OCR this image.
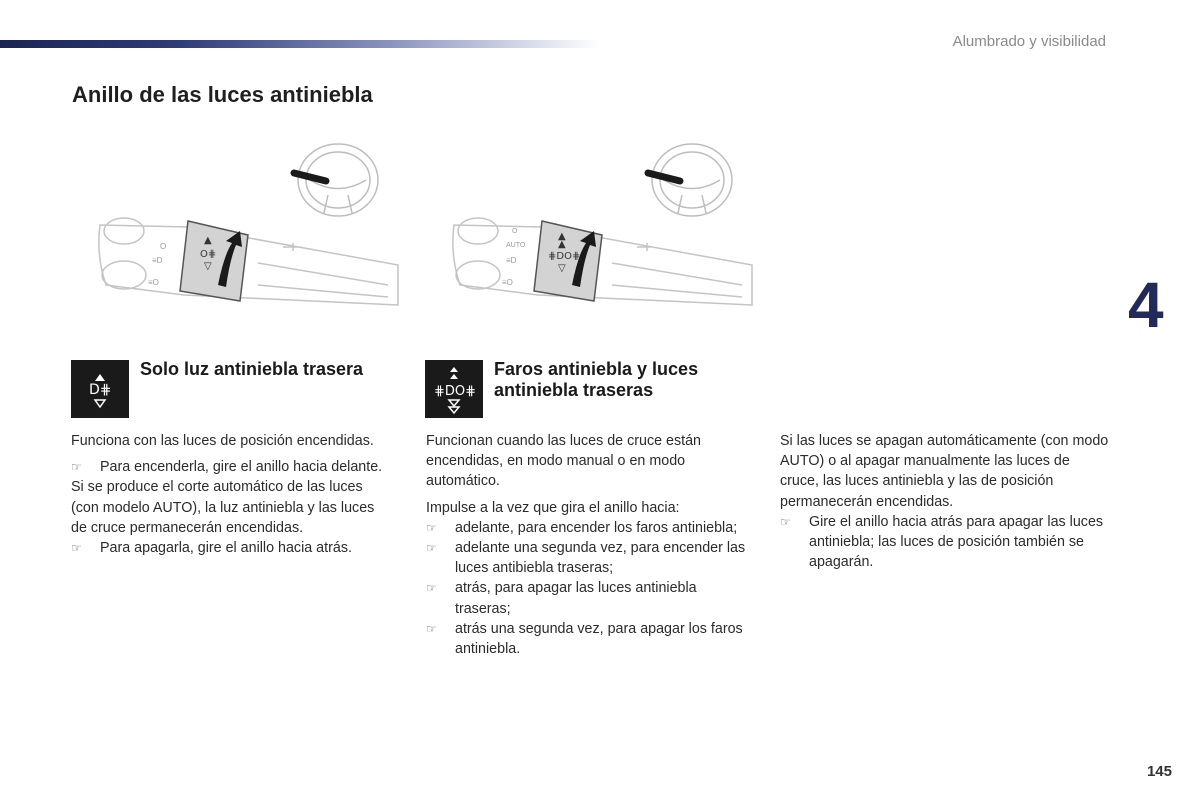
Alumbrado y visibilidad
Anillo de las luces antiniebla
4
O
≡D
≡O
▲
O⋕
▽
O
AUTO
≡D
≡O
▲
▲
⋕DO⋕
▽
D⋕
Solo luz antiniebla trasera
⋕DO⋕
Faros antiniebla y luces antiniebla traseras

Funciona con las luces de posición encendidas.

☞ Para encenderla, gire el anillo hacia delante.

Si se produce el corte automático de las luces (con modelo AUTO), la luz antiniebla y las luces de cruce permanecerán encendidas.

☞ Para apagarla, gire el anillo hacia atrás.

Funcionan cuando las luces de cruce están encendidas, en modo manual o en modo automático.

Impulse a la vez que gira el anillo hacia:

☞ adelante, para encender los faros antiniebla;

☞ adelante una segunda vez, para encender las luces antibiebla traseras;

☞ atrás, para apagar las luces antiniebla traseras;

☞ atrás una segunda vez, para apagar los faros antiniebla.

Si las luces se apagan automáticamente (con modo AUTO) o al apagar manualmente las luces de cruce, las luces antiniebla y las de posición permanecerán encendidas.

☞ Gire el anillo hacia atrás para apagar las luces antiniebla; las luces de posición también se apagarán.

145
